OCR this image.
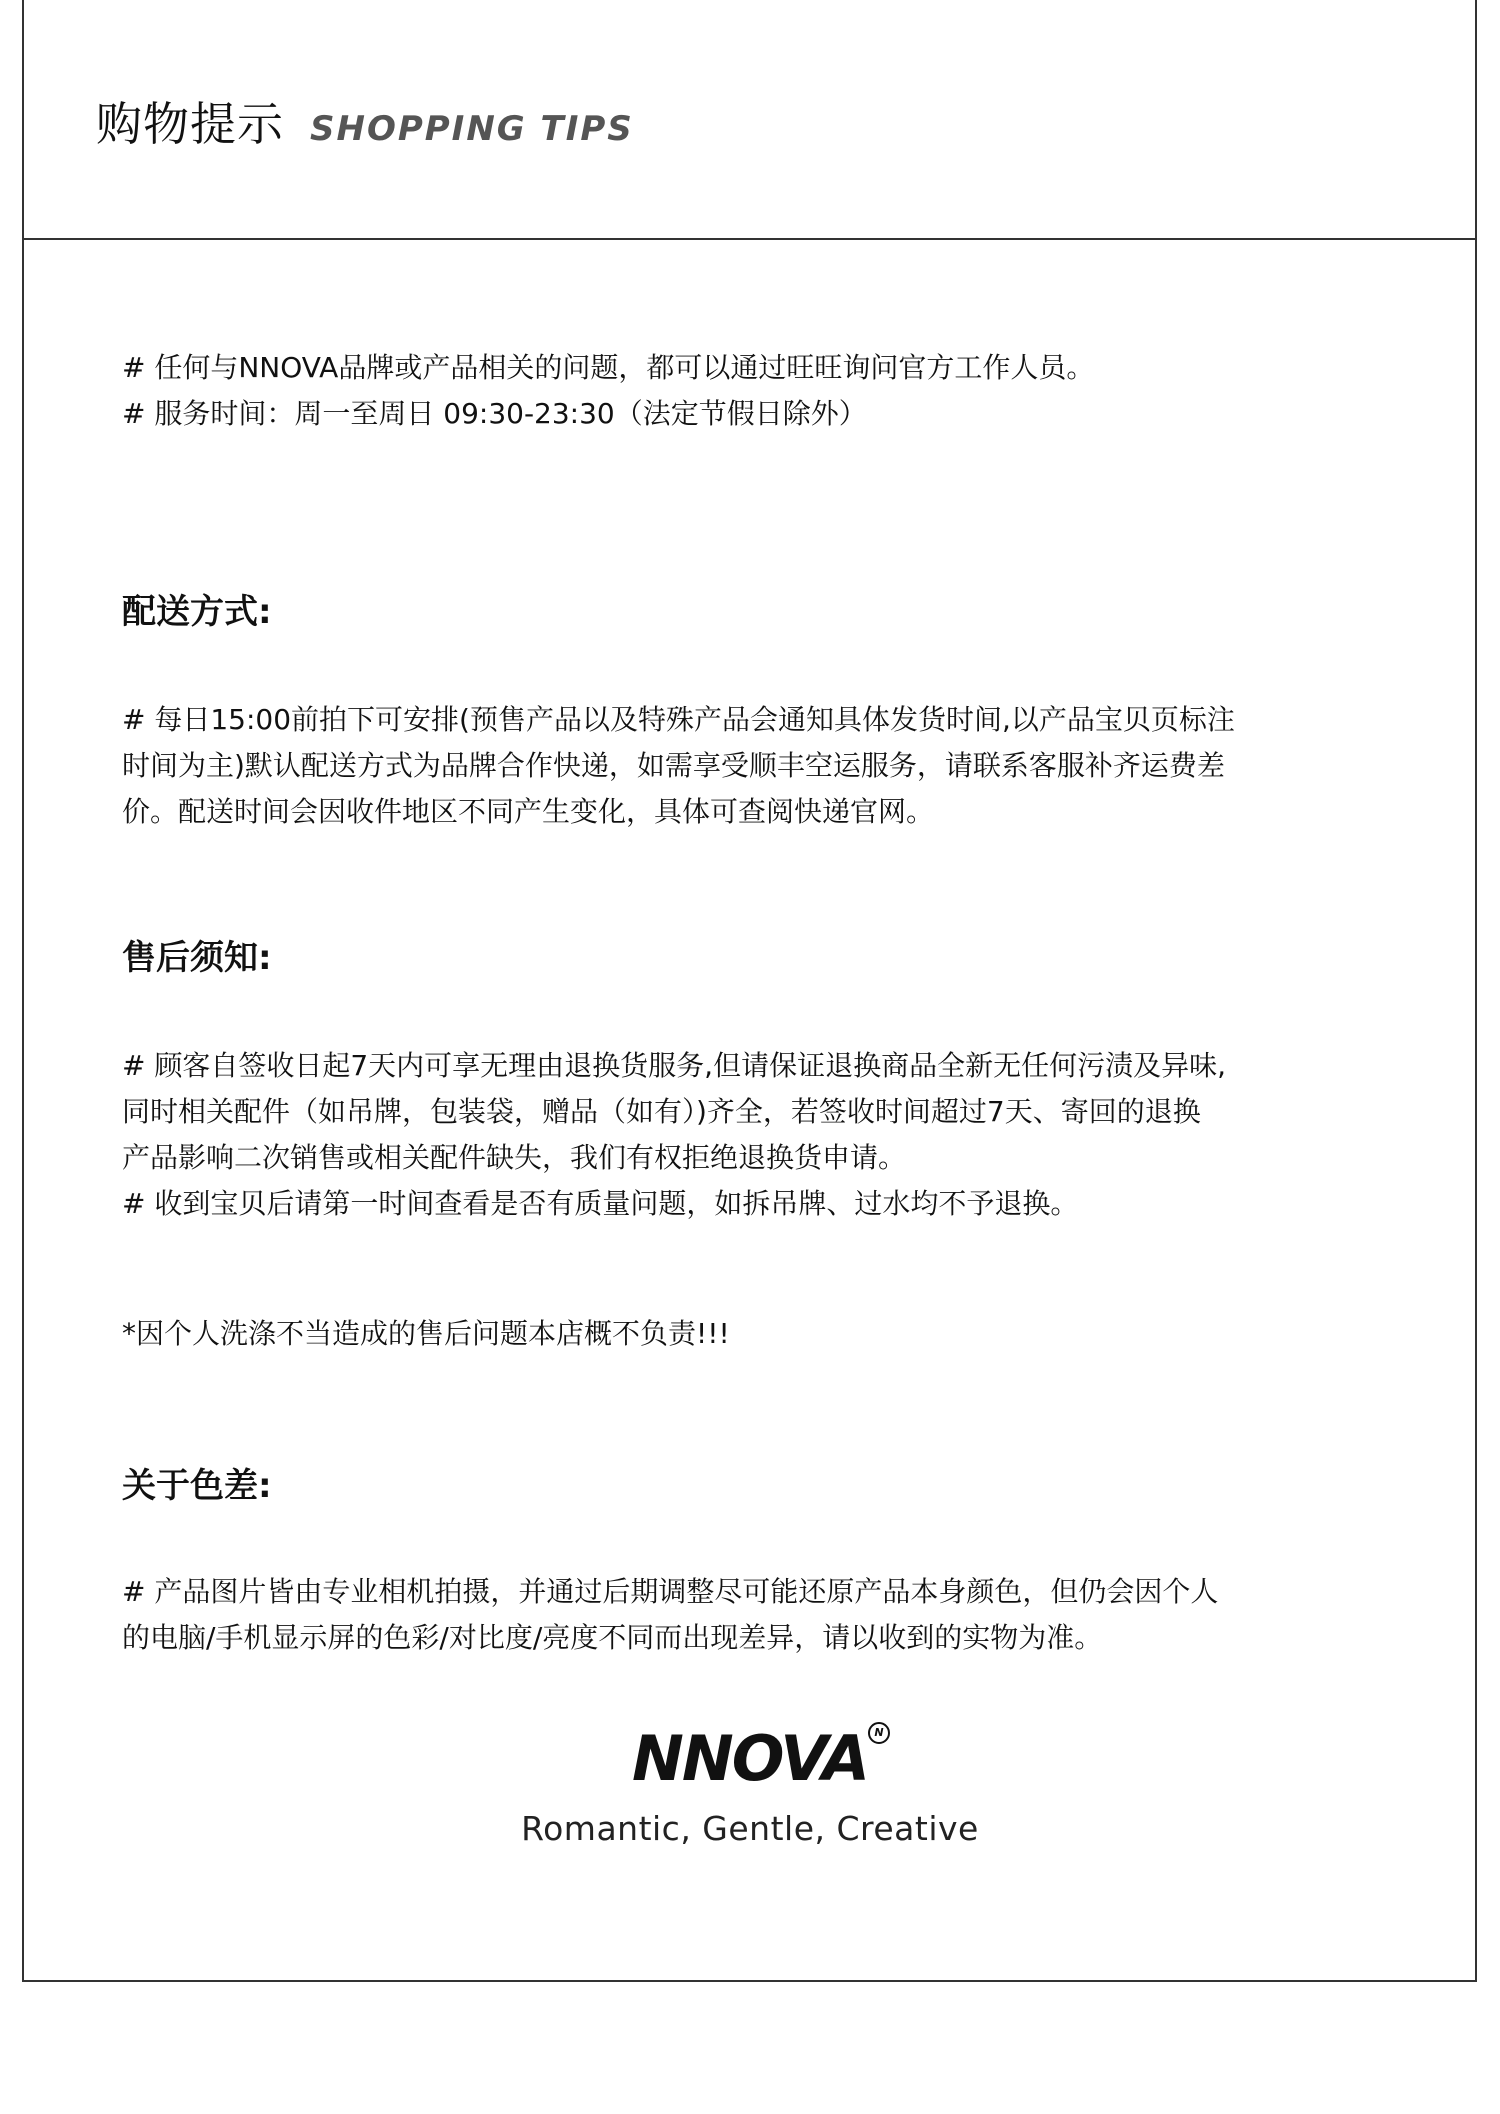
购物提示 SHOPPING TIPS

# 任何与NNOVA品牌或产品相关的问题，都可以通过旺旺询问官方工作人员。

# 服务时间：周一至周日 09:30-23:30（法定节假日除外）

配送方式:

# 每日15:00前拍下可安排(预售产品以及特殊产品会通知具体发货时间,以产品宝贝页标注
时间为主)默认配送方式为品牌合作快递，如需享受顺丰空运服务，请联系客服补齐运费差
价。配送时间会因收件地区不同产生变化，具体可查阅快递官网。

售后须知:

# 顾客自签收日起7天内可享无理由退换货服务,但请保证退换商品全新无任何污渍及异味,
同时相关配件（如吊牌，包装袋，赠品（如有）)齐全，若签收时间超过7天、寄回的退换
产品影响二次销售或相关配件缺失，我们有权拒绝退换货申请。
# 收到宝贝后请第一时间查看是否有质量问题，如拆吊牌、过水均不予退换。

*因个人洗涤不当造成的售后问题本店概不负责!!!

关于色差:

# 产品图片皆由专业相机拍摄，并通过后期调整尽可能还原产品本身颜色，但仍会因个人
的电脑/手机显示屏的色彩/对比度/亮度不同而出现差异，请以收到的实物为准。

NNOVA N
Romantic, Gentle, Creative
